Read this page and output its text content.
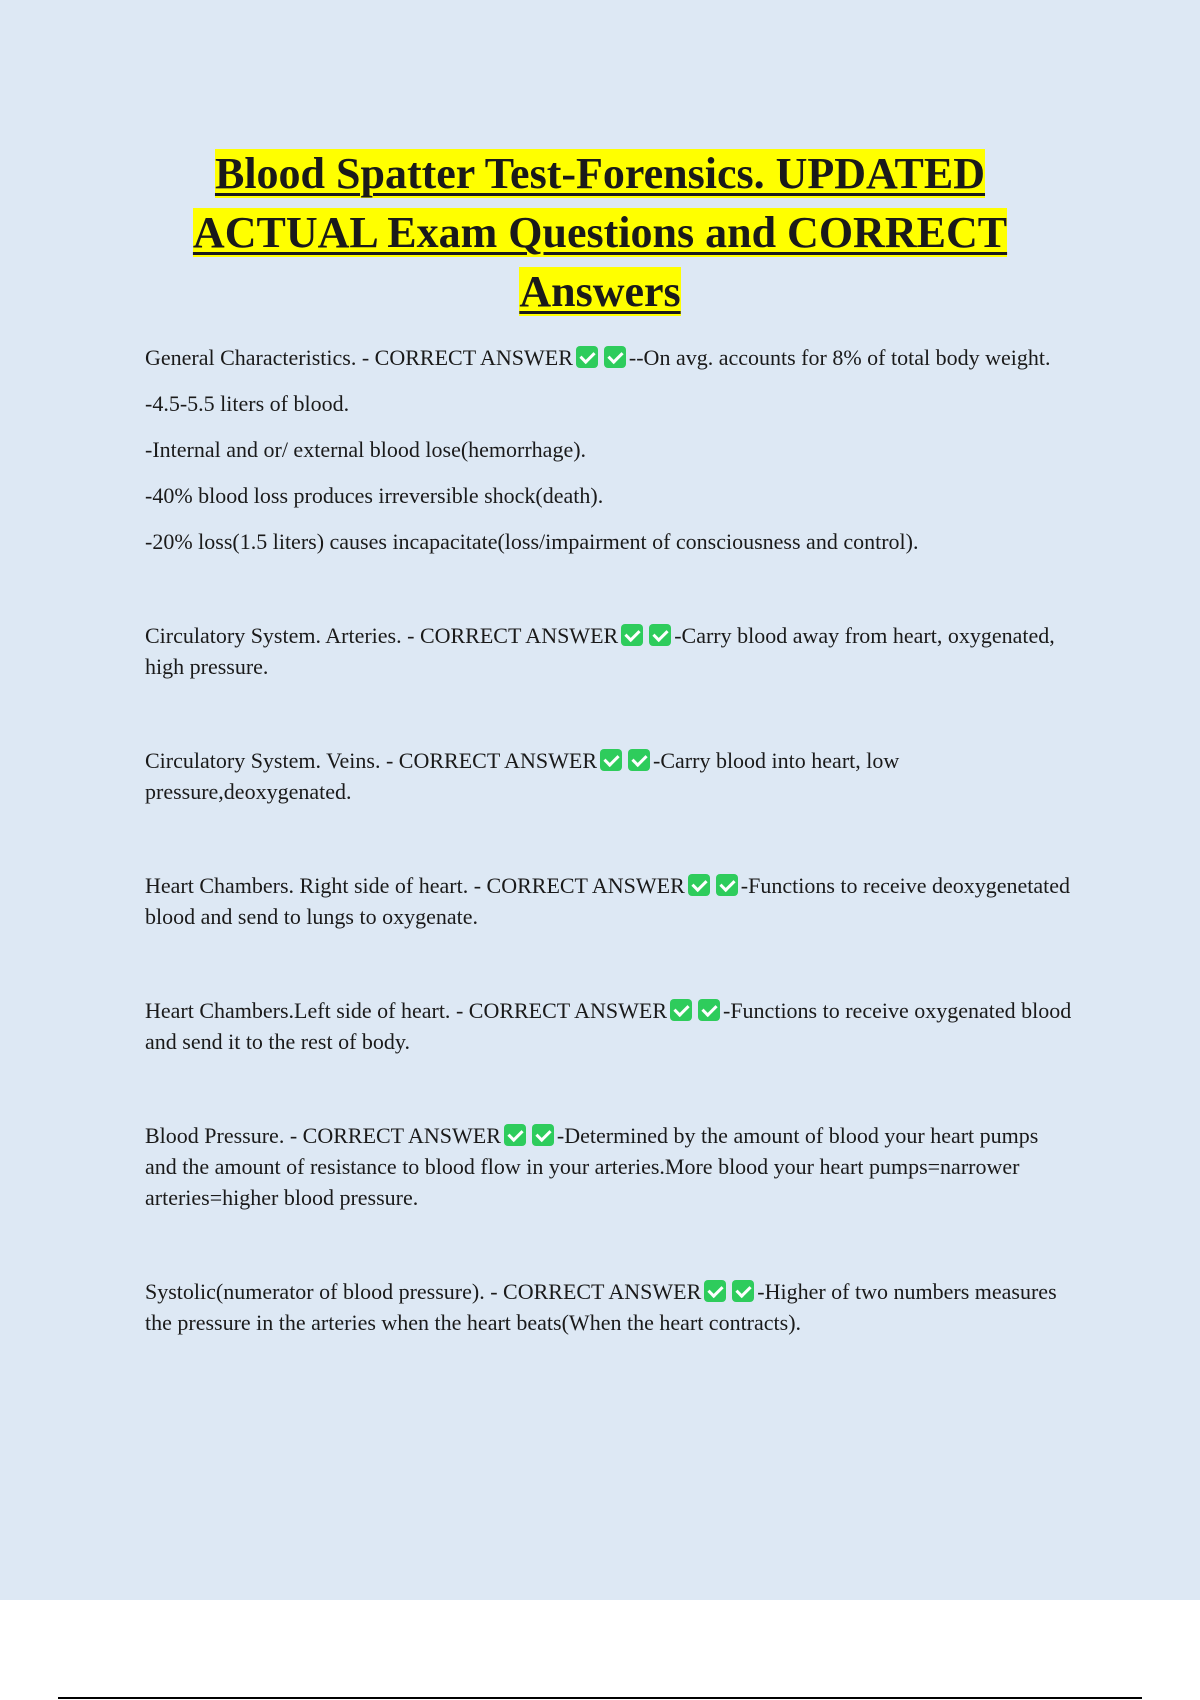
Blood Spatter Test-Forensics. UPDATED
ACTUAL Exam Questions and CORRECT
Answers

General Characteristics. - CORRECT ANSWER	--On avg. accounts for 8% of total body weight.

-4.5-5.5 liters of blood.

-Internal and or/ external blood lose(hemorrhage).

-40% blood loss produces irreversible shock(death).

-20% loss(1.5 liters) causes incapacitate(loss/impairment of consciousness and control).

Circulatory System. Arteries. - CORRECT ANSWER	-Carry blood away from heart, oxygenated, high pressure.

Circulatory System. Veins. - CORRECT ANSWER	-Carry blood into heart, low pressure,deoxygenated.

Heart Chambers. Right side of heart. - CORRECT ANSWER	-Functions to receive deoxygenetated blood and send to lungs to oxygenate.

Heart Chambers.Left side of heart. - CORRECT ANSWER	-Functions to receive oxygenated blood and send it to the rest of body.

Blood Pressure. - CORRECT ANSWER	-Determined by the amount of blood your heart pumps and the amount of resistance to blood flow in your arteries.More blood your heart pumps=narrower arteries=higher blood pressure.

Systolic(numerator of blood pressure). - CORRECT ANSWER	-Higher of two numbers measures the pressure in the arteries when the heart beats(When the heart contracts).
